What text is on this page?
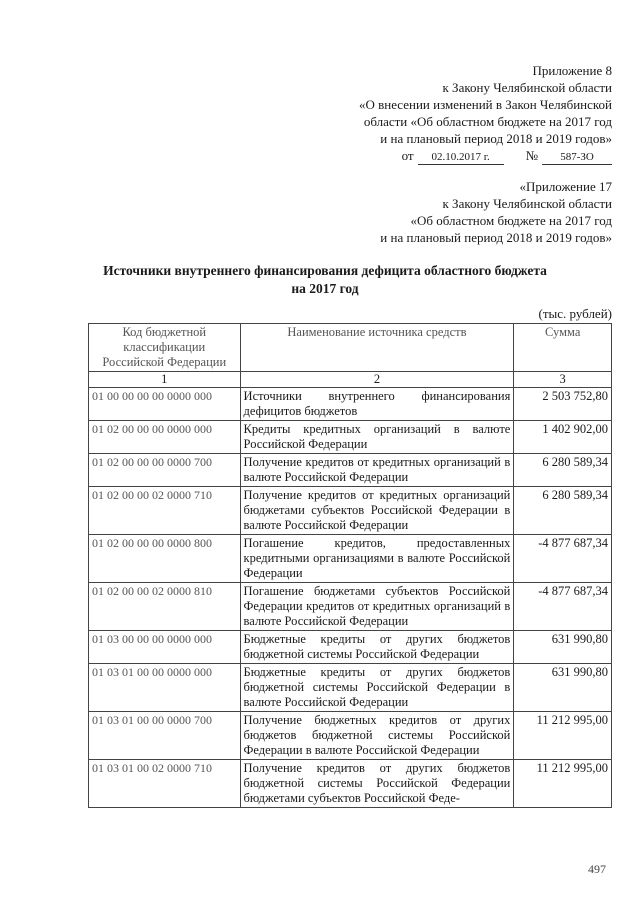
Приложение 8
к Закону Челябинской области
«О внесении изменений в Закон Челябинской
области «Об областном бюджете на 2017 год
и на плановый период 2018 и 2019 годов»
от	02.10.2017 г.	№	587-ЗО
«Приложение 17
к Закону Челябинской области
«Об областном бюджете на 2017 год
и на плановый период 2018 и 2019 годов»
Источники внутреннего финансирования дефицита областного бюджета
на 2017 год
(тыс. рублей)
Код бюджетной классификации Российской Федерации	Наименование источника средств	Сумма
1	2	3
01 00 00 00 00 0000 000	Источники внутреннего финансирования дефицитов бюджетов	2 503 752,80
01 02 00 00 00 0000 000	Кредиты кредитных организаций в валюте Российской Федерации	1 402 902,00
01 02 00 00 00 0000 700	Получение кредитов от кредитных организаций в валюте Российской Федерации	6 280 589,34
01 02 00 00 02 0000 710	Получение кредитов от кредитных организаций бюджетами субъектов Российской Федерации в валюте Российской Федерации	6 280 589,34
01 02 00 00 00 0000 800	Погашение кредитов, предоставленных кредитными организациями в валюте Российской Федерации	-4 877 687,34
01 02 00 00 02 0000 810	Погашение бюджетами субъектов Российской Федерации кредитов от кредитных организаций в валюте Российской Федерации	-4 877 687,34
01 03 00 00 00 0000 000	Бюджетные кредиты от других бюджетов бюджетной системы Российской Федерации	631 990,80
01 03 01 00 00 0000 000	Бюджетные кредиты от других бюджетов бюджетной системы Российской Федерации в валюте Российской Федерации	631 990,80
01 03 01 00 00 0000 700	Получение бюджетных кредитов от других бюджетов бюджетной системы Российской Федерации в валюте Российской Федерации	11 212 995,00
01 03 01 00 02 0000 710	Получение кредитов от других бюджетов бюджетной системы Российской Федерации бюджетами субъектов Российской Феде-	11 212 995,00
497
